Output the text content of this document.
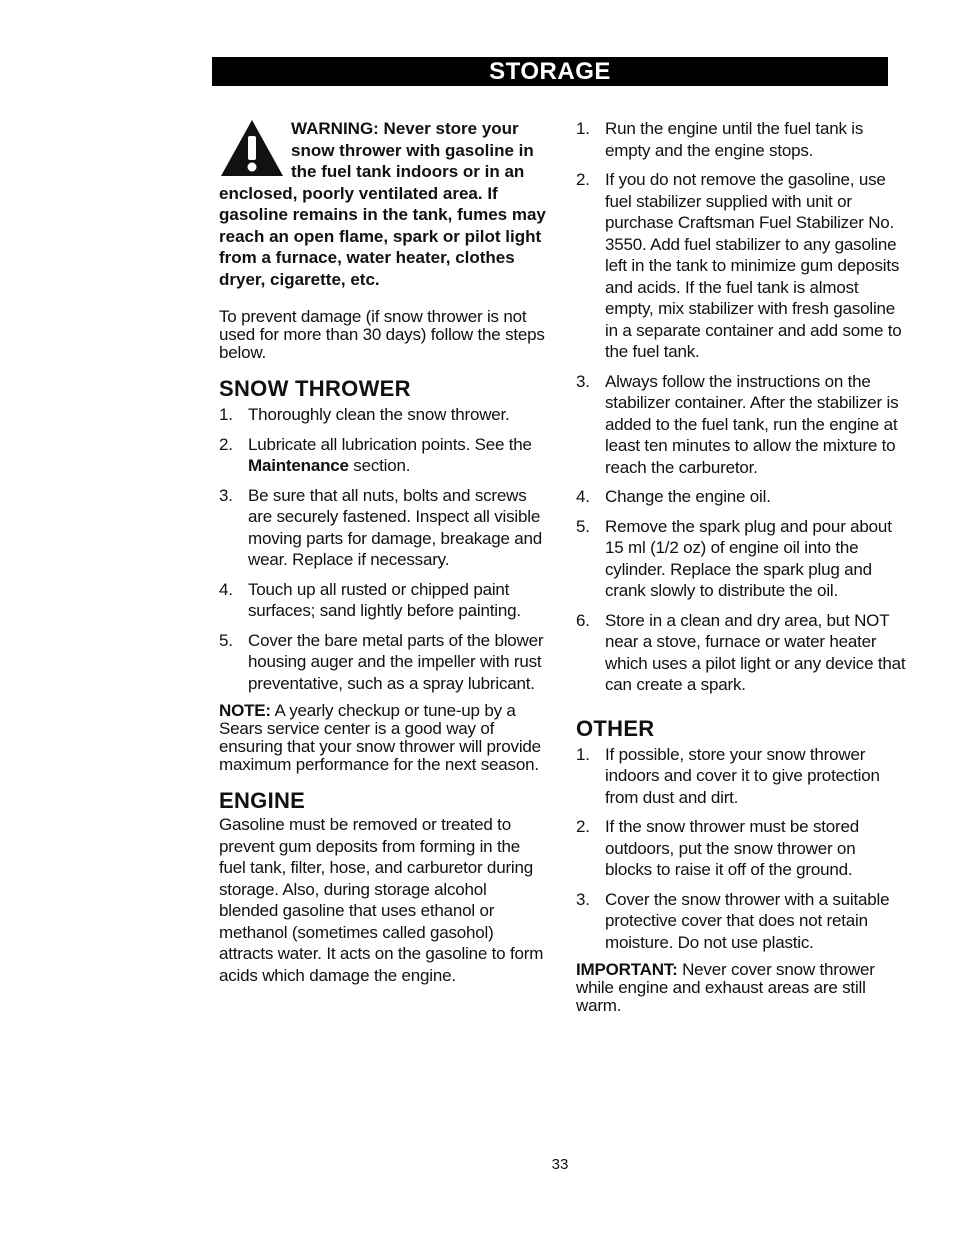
STORAGE
WARNING: Never store your snow thrower with gasoline in the fuel tank indoors or in an enclosed, poorly ventilated area. If gasoline remains in the tank, fumes may reach an open flame, spark or pilot light from a furnace, water heater, clothes dryer, cigarette, etc.

To prevent damage (if snow thrower is not used for more than 30 days) follow the steps below.

SNOW THROWER
1. Thoroughly clean the snow thrower.
2. Lubricate all lubrication points. See the Maintenance section.
3. Be sure that all nuts, bolts and screws are securely fastened. Inspect all visible moving parts for damage, breakage and wear. Replace if necessary.
4. Touch up all rusted or chipped paint surfaces; sand lightly before painting.
5. Cover the bare metal parts of the blower housing auger and the impeller with rust preventative, such as a spray lubricant.

NOTE: A yearly checkup or tune-up by a Sears service center is a good way of ensuring that your snow thrower will provide maximum performance for the next season.

ENGINE

Gasoline must be removed or treated to prevent gum deposits from forming in the fuel tank, filter, hose, and carburetor during storage. Also, during storage alcohol blended gasoline that uses ethanol or methanol (sometimes called gasohol) attracts water. It acts on the gasoline to form acids which damage the engine.

1. Run the engine until the fuel tank is empty and the engine stops.
2. If you do not remove the gasoline, use fuel stabilizer supplied with unit or purchase Craftsman Fuel Stabilizer No. 3550. Add fuel stabilizer to any gasoline left in the tank to minimize gum deposits and acids. If the fuel tank is almost empty, mix stabilizer with fresh gasoline in a separate container and add some to the fuel tank.
3. Always follow the instructions on the stabilizer container. After the stabilizer is added to the fuel tank, run the engine at least ten minutes to allow the mixture to reach the carburetor.
4. Change the engine oil.
5. Remove the spark plug and pour about 15 ml (1/2 oz) of engine oil into the cylinder. Replace the spark plug and crank slowly to distribute the oil.
6. Store in a clean and dry area, but NOT near a stove, furnace or water heater which uses a pilot light or any device that can create a spark.
OTHER
1. If possible, store your snow thrower indoors and cover it to give protection from dust and dirt.
2. If the snow thrower must be stored outdoors, put the snow thrower on blocks to raise it off of the ground.
3. Cover the snow thrower with a suitable protective cover that does not retain moisture. Do not use plastic.

IMPORTANT: Never cover snow thrower while engine and exhaust areas are still warm.

33
